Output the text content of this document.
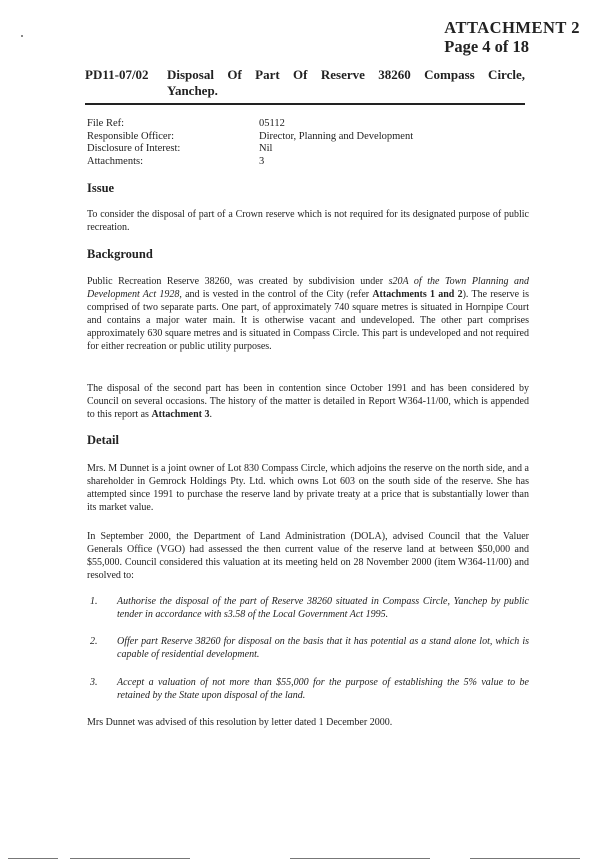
ATTACHMENT 2
Page 4 of 18
PD11-07/02 Disposal Of Part Of Reserve 38260 Compass Circle, Yanchep.
File Ref:	05112
Responsible Officer:	Director, Planning and Development
Disclosure of Interest:	Nil
Attachments:	3
Issue

To consider the disposal of part of a Crown reserve which is not required for its designated purpose of public recreation.

Background

Public Recreation Reserve 38260, was created by subdivision under s20A of the Town Planning and Development Act 1928, and is vested in the control of the City (refer Attachments 1 and 2). The reserve is comprised of two separate parts. One part, of approximately 740 square metres is situated in Hornpipe Court and contains a major water main. It is otherwise vacant and undeveloped. The other part comprises approximately 630 square metres and is situated in Compass Circle. This part is undeveloped and not required for either recreation or public utility purposes.

The disposal of the second part has been in contention since October 1991 and has been considered by Council on several occasions. The history of the matter is detailed in Report W364-11/00, which is appended to this report as Attachment 3.

Detail

Mrs. M Dunnet is a joint owner of Lot 830 Compass Circle, which adjoins the reserve on the north side, and a shareholder in Gemrock Holdings Pty. Ltd. which owns Lot 603 on the south side of the reserve. She has attempted since 1991 to purchase the reserve land by private treaty at a price that is substantially lower than its market value.

In September 2000, the Department of Land Administration (DOLA), advised Council that the Valuer Generals Office (VGO) had assessed the then current value of the reserve land at between $50,000 and $55,000. Council considered this valuation at its meeting held on 28 November 2000 (item W364-11/00) and resolved to:

1. Authorise the disposal of the part of Reserve 38260 situated in Compass Circle, Yanchep by public tender in accordance with s3.58 of the Local Government Act 1995.
2. Offer part Reserve 38260 for disposal on the basis that it has potential as a stand alone lot, which is capable of residential development.
3. Accept a valuation of not more than $55,000 for the purpose of establishing the 5% value to be retained by the State upon disposal of the land.

Mrs Dunnet was advised of this resolution by letter dated 1 December 2000.
